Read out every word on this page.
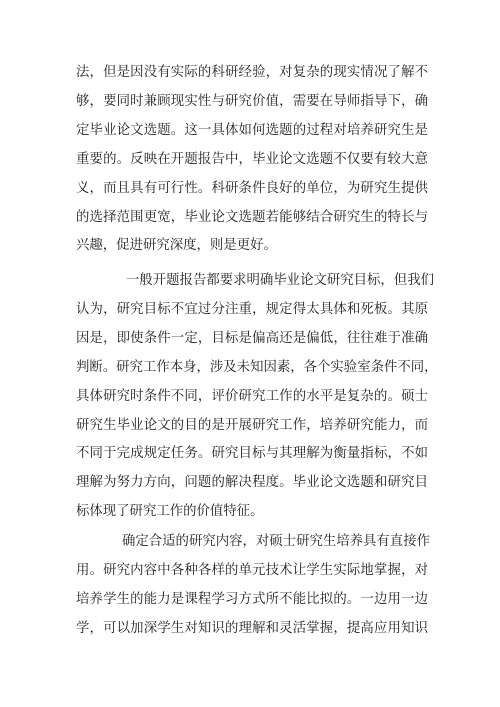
法，但是因没有实际的科研经验，对复杂的现实情况了解不
够，要同时兼顾现实性与研究价值，需要在导师指导下，确
定毕业论文选题。这一具体如何选题的过程对培养研究生是
重要的。反映在开题报告中，毕业论文选题不仅要有较大意
义，而且具有可行性。科研条件良好的单位，为研究生提供
的选择范围更宽，毕业论文选题若能够结合研究生的特长与
兴趣，促进研究深度，则是更好。
一般开题报告都要求明确毕业论文研究目标，但我们
认为，研究目标不宜过分注重，规定得太具体和死板。其原
因是，即使条件一定，目标是偏高还是偏低，往往难于准确
判断。研究工作本身，涉及未知因素，各个实验室条件不同，
具体研究时条件不同，评价研究工作的水平是复杂的。硕士
研究生毕业论文的目的是开展研究工作，培养研究能力，而
不同于完成规定任务。研究目标与其理解为衡量指标，不如
理解为努力方向，问题的解决程度。毕业论文选题和研究目
标体现了研究工作的价值特征。
确定合适的研究内容，对硕士研究生培养具有直接作
用。研究内容中各种各样的单元技术让学生实际地掌握，对
培养学生的能力是课程学习方式所不能比拟的。一边用一边
学，可以加深学生对知识的理解和灵活掌握，提高应用知识
